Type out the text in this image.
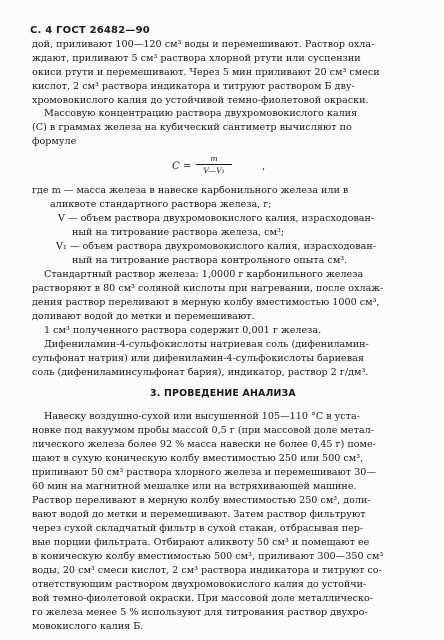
С. 4 ГОСТ 26482—90
дой, приливают 100—120 см³ воды и перемешивают. Раствор охла-
ждают, приливают 5 см³ раствора хлорной ртути или суспензии
окиси ртути и перемешивают. Через 5 мин приливают 20 см³ смеси
кислот, 2 см³ раствора индикатора и титруют раствором Б дву-
хромовокислого калия до устойчивой темно-фиолетовой окраски.
Массовую концентрацию раствора двухромовокислого калия
(С) в граммах железа на кубический сантиметр вычисляют по
формуле
C =
m
V—V₁	,
где m — масса железа в навеске карбонильного железа или в
аликвоте стандартного раствора железа, г;
V — объем раствора двухромовокислого калия, израсходован-
ный на титрование раствора железа, см³;
V₁ — объем раствора двухромовокислого калия, израсходован-
ный на титрование раствора контрольного опыта см³.
Стандартный раствор железа: 1,0000 г карбонильного железа
растворяют в 80 см³ соляной кислоты при нагревании, после охлаж-
дения раствор переливают в мерную колбу вместимостью 1000 см³,
доливают водой до метки и перемешивают.
1 см³ полученного раствора содержит 0,001 г железа.
Дифениламин-4-сульфокислоты натриевая соль (дифениламин-
сульфонат натрия) или дифениламин-4-сульфокислоты бариевая
соль (дифениламинсульфонат бария), индикатор, раствор 2 г/дм³.
3. ПРОВЕДЕНИЕ АНАЛИЗА
Навеску воздушно-сухой или высушенной 105—110 °С в уста-
новке под вакуумом пробы массой 0,5 г (при массовой доле метал-
лического железа более 92 % масса навески не более 0,45 г) поме-
щают в сухую коническую колбу вместимостью 250 или 500 см³,
приливают 50 см³ раствора хлорного железа и перемешивают 30—
60 мин на магнитной мешалке или на встряхивающей машине.
Раствор переливают в мерную колбу вместимостью 250 см³, доли-
вают водой до метки и перемешивают. Затем раствор фильтруют
через сухой складчатый фильтр в сухой стакан, отбрасывая пер-
вые порции фильтрата. Отбирают аликвоту 50 см³ и помещают ее
в коническую колбу вместимостью 500 см³, приливают 300—350 см³
воды, 20 см³ смеси кислот, 2 см³ раствора индикатора и титруют со-
ответствующим раствором двухромовокислого калия до устойчи-
вой темно-фиолетовой окраски. При массовой доле металлическо-
го железа менее 5 % используют для титрования раствор двухро-
мовокислого калия Б.
